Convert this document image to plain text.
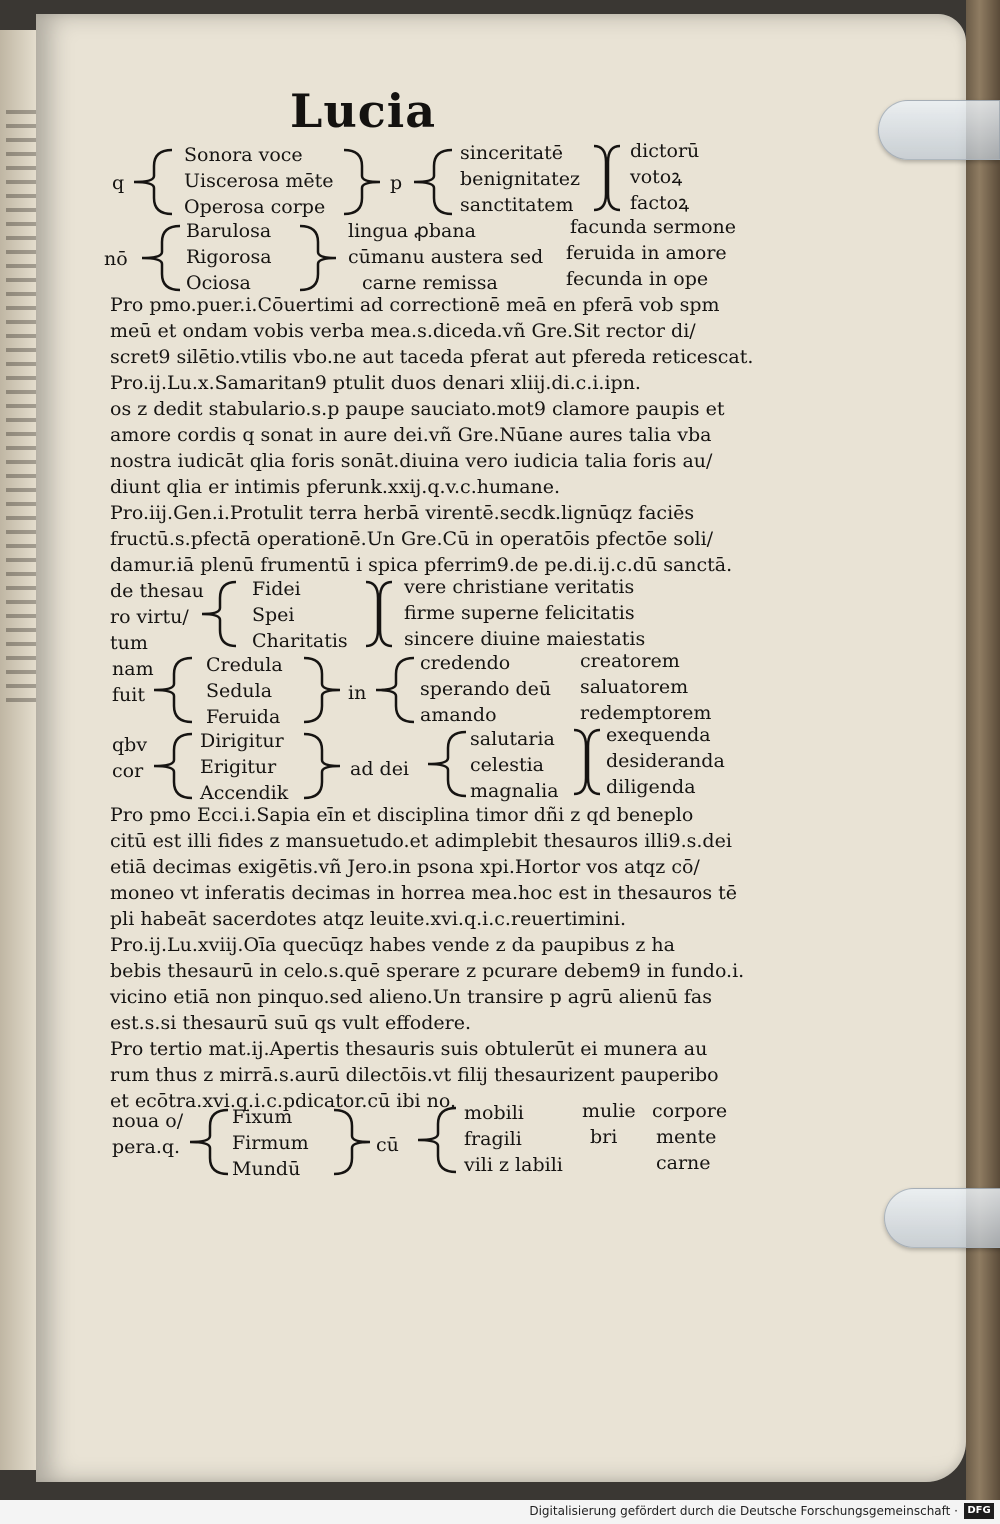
Lucia
q
Sonora voce
Uiscerosa mēte
Operosa corpe
p
sinceritatē
benignitatez
sanctitatem
dictorū
votoꝝ
factoꝝ
nō
Barulosa
Rigorosa
Ociosa
lingua ꝓbana
cūmanu austera
carne remissa
sed
facunda sermone
feruida in amore
fecunda in ope
Pro pmo.puer.i.Cōuertimi ad correctionē meā en pferā vob spm
meū et ondam vobis verba mea.s.diceda.vñ Gre.Sit rector di/
scret9 silētio.vtilis vbo.ne aut taceda pferat aut pfereda reticescat.
Pro.ij.Lu.x.Samaritan9 ptulit duos denari xliij.di.c.i.ipn.
os z dedit stabulario.s.p paupe sauciato.mot9 clamore paupis et
amore cordis q sonat in aure dei.vñ Gre.Nūane aures talia vba
nostra iudicāt qlia foris sonāt.diuina vero iudicia talia foris au/
diunt qlia er intimis pferunk.xxij.q.v.c.humane.
Pro.iij.Gen.i.Protulit terra herbā virentē.secdk.lignūqz faciēs
fructū.s.pfectā operationē.Un Gre.Cū in operatōis pfectōe soli/
damur.iā plenū frumentū i spica pferrim9.de pe.di.ij.c.dū sanctā.
de thesau
ro virtu/
tum
Fidei
Spei
Charitatis
vere christiane veritatis
firme superne felicitatis
sincere diuine maiestatis
nam
fuit
Credula
Sedula
Feruida
in
credendo
sperando deū
amando
creatorem
saluatorem
redemptorem
qbv
cor
Dirigitur
Erigitur
Accendik
ad dei
salutaria
celestia
magnalia
exequenda
desideranda
diligenda
Pro pmo Ecci.i.Sapia eīn et disciplina timor dñi z qd beneplo
citū est illi fides z mansuetudo.et adimplebit thesauros illi9.s.dei
etiā decimas exigētis.vñ Jero.in psona xpi.Hortor vos atqz cō/
moneo vt inferatis decimas in horrea mea.hoc est in thesauros tē
pli habeāt sacerdotes atqz leuite.xvi.q.i.c.reuertimini.
Pro.ij.Lu.xviij.Oīa quecūqz habes vende z da paupibus z ha
bebis thesaurū in celo.s.quē sperare z pcurare debem9 in fundo.i.
vicino etiā non pinquo.sed alieno.Un transire p agrū alienū fas
est.s.si thesaurū suū qs vult effodere.
Pro tertio mat.ij.Apertis thesauris suis obtulerūt ei munera au
rum thus z mirrā.s.aurū dilectōis.vt filij thesaurizent pauperibo
et ecōtra.xvi.q.i.c.pdicator.cū ibi no.
noua o/
pera.q.
Fixum
Firmum
Mundū
cū
mobili
fragili
vili z labili
mulie
bri
corpore
mente
carne
Digitalisierung gefördert durch die Deutsche Forschungsgemeinschaft · DFG
